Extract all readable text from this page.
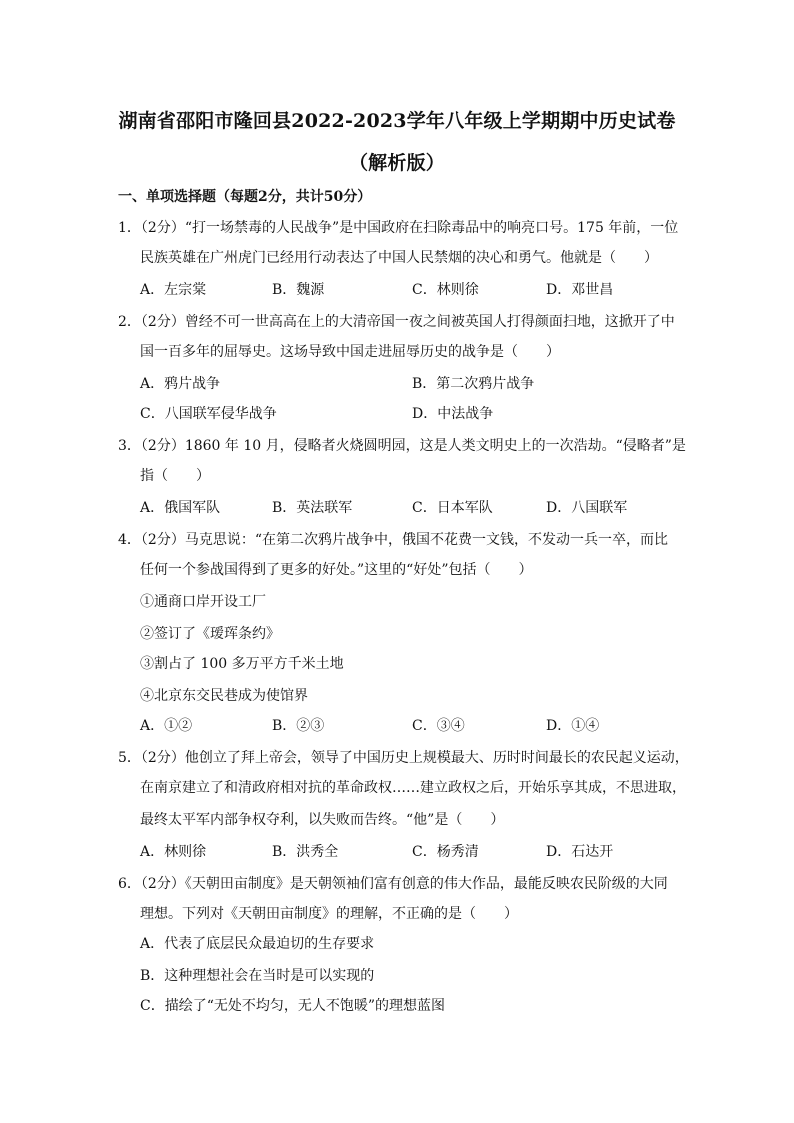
湖南省邵阳市隆回县2022-2023学年八年级上学期期中历史试卷
（解析版）
一、单项选择题（每题2分，共计50分）
1．（2分）“打一场禁毒的人民战争”是中国政府在扫除毒品中的响亮口号。175 年前，一位
民族英雄在广州虎门已经用行动表达了中国人民禁烟的决心和勇气。他就是（　　）
A．左宗棠	B．魏源	C．林则徐	D．邓世昌
2．（2分）曾经不可一世高高在上的大清帝国一夜之间被英国人打得颜面扫地，这掀开了中
国一百多年的屈辱史。这场导致中国走进屈辱历史的战争是（　　）
A．鸦片战争	B．第二次鸦片战争
C．八国联军侵华战争	D．中法战争
3．（2分）1860 年 10 月，侵略者火烧圆明园，这是人类文明史上的一次浩劫。“侵略者”是
指（　　）
A．俄国军队	B．英法联军	C．日本军队	D．八国联军
4．（2分）马克思说：“在第二次鸦片战争中，俄国不花费一文钱，不发动一兵一卒，而比
任何一个参战国得到了更多的好处。”这里的“好处”包括（　　）
①通商口岸开设工厂
②签订了《瑷珲条约》
③割占了 100 多万平方千米土地
④北京东交民巷成为使馆界
A．①②	B．②③	C．③④	D．①④
5．（2分）他创立了拜上帝会，领导了中国历史上规模最大、历时时间最长的农民起义运动，
在南京建立了和清政府相对抗的革命政权……建立政权之后，开始乐享其成，不思进取，
最终太平军内部争权夺利，以失败而告终。“他”是（　　）
A．林则徐	B．洪秀全	C．杨秀清	D．石达开
6．（2分）《天朝田亩制度》是天朝领袖们富有创意的伟大作品，最能反映农民阶级的大同
理想。下列对《天朝田亩制度》的理解，不正确的是（　　）
A．代表了底层民众最迫切的生存要求
B．这种理想社会在当时是可以实现的
C．描绘了“无处不均匀，无人不饱暖”的理想蓝图
